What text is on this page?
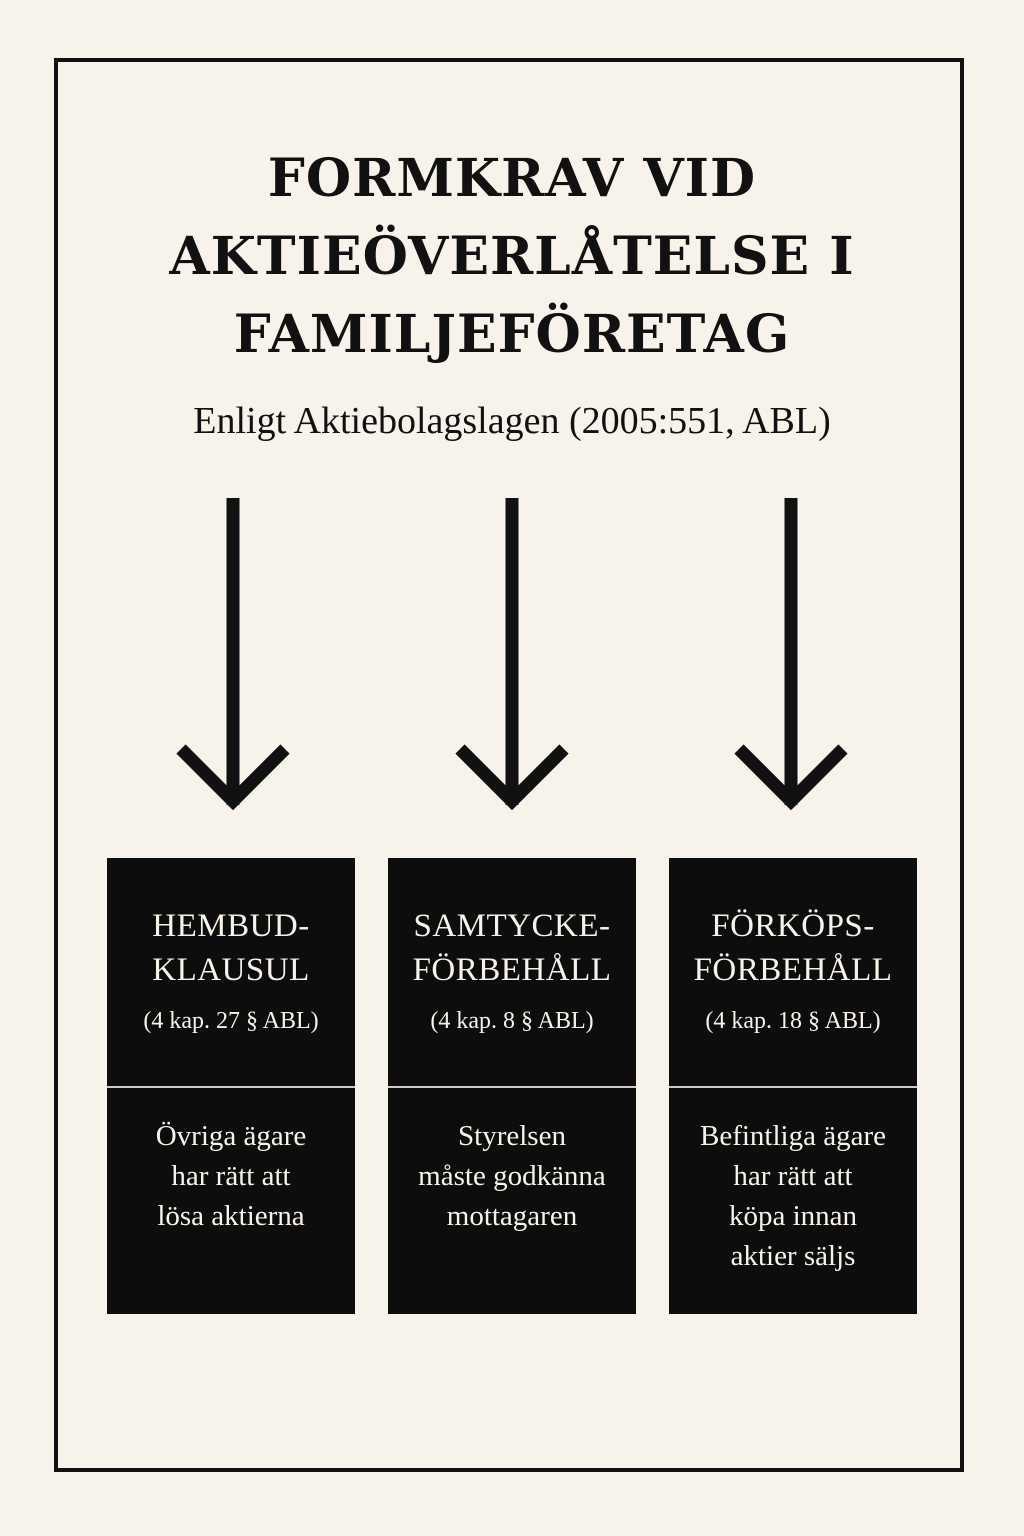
FORMKRAV VID
AKTIEÖVERLÅTELSE I
FAMILJEFÖRETAG

Enligt Aktiebolagslagen (2005:551, ABL)

HEMBUD-
KLAUSUL
(4 kap. 27 § ABL)
Övriga ägare
har rätt att
lösa aktierna
SAMTYCKE-
FÖRBEHÅLL
(4 kap. 8 § ABL)
Styrelsen
måste godkänna
mottagaren
FÖRKÖPS-
FÖRBEHÅLL
(4 kap. 18 § ABL)
Befintliga ägare
har rätt att
köpa innan
aktier säljs
